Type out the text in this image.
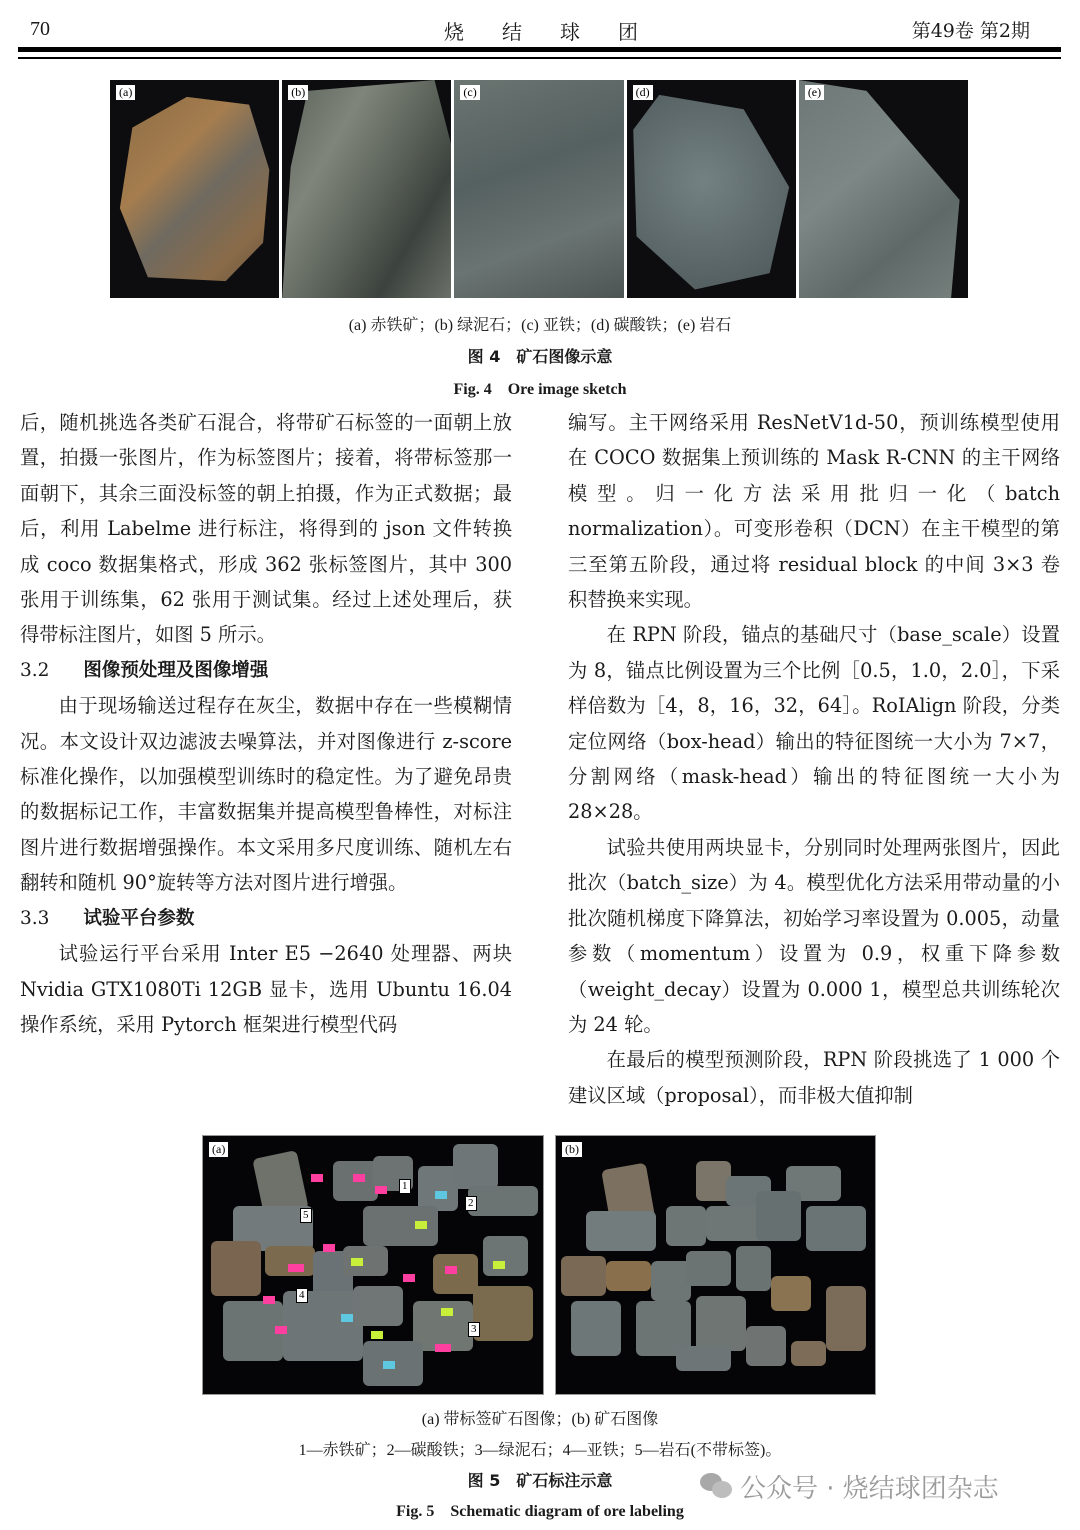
70	烧结球团	第49卷 第2期
(a)	(b)	(c)	(d)	(e)
(a) 赤铁矿；(b) 绿泥石；(c) 亚铁；(d) 碳酸铁；(e) 岩石
图 4　矿石图像示意
Fig. 4　Ore image sketch

后，随机挑选各类矿石混合，将带矿石标签的一面朝上放置，拍摄一张图片，作为标签图片；接着，将带标签那一面朝下，其余三面没标签的朝上拍摄，作为正式数据；最后，利用 Labelme 进行标注，将得到的 json 文件转换成 coco 数据集格式，形成 362 张标签图片，其中 300 张用于训练集，62 张用于测试集。经过上述处理后，获得带标注图片，如图 5 所示。

3.2 图像预处理及图像增强

由于现场输送过程存在灰尘，数据中存在一些模糊情况。本文设计双边滤波去噪算法，并对图像进行 z-score 标准化操作，以加强模型训练时的稳定性。为了避免昂贵的数据标记工作，丰富数据集并提高模型鲁棒性，对标注图片进行数据增强操作。本文采用多尺度训练、随机左右翻转和随机 90°旋转等方法对图片进行增强。

3.3 试验平台参数

试验运行平台采用 Inter E5 −2640 处理器、两块 Nvidia GTX1080Ti 12GB 显卡，选用 Ubuntu 16.04 操作系统，采用 Pytorch 框架进行模型代码

编写。主干网络采用 ResNetV1d-50，预训练模型使用在 COCO 数据集上预训练的 Mask R-CNN 的主干网络模型。归一化方法采用批归一化（batch normalization）。可变形卷积（DCN）在主干模型的第三至第五阶段，通过将 residual block 的中间 3×3 卷积替换来实现。

在 RPN 阶段，锚点的基础尺寸（base_scale）设置为 8，锚点比例设置为三个比例［0.5，1.0，2.0］，下采样倍数为［4，8，16，32，64］。RoIAlign 阶段，分类定位网络（box-head）输出的特征图统一大小为 7×7，分割网络（mask-head）输出的特征图统一大小为 28×28。

试验共使用两块显卡，分别同时处理两张图片，因此批次（batch_size）为 4。模型优化方法采用带动量的小批次随机梯度下降算法，初始学习率设置为 0.005，动量参数（momentum）设置为 0.9，权重下降参数（weight_decay）设置为 0.000 1，模型总共训练轮次为 24 轮。

在最后的模型预测阶段，RPN 阶段挑选了 1 000 个建议区域（proposal），而非极大值抑制

(a)
1
2
3
4
5
(b)
(a) 带标签矿石图像；(b) 矿石图像
1—赤铁矿；2—碳酸铁；3—绿泥石；4—亚铁；5—岩石(不带标签)。
图 5　矿石标注示意
Fig. 5　Schematic diagram of ore labeling
公众号 · 烧结球团杂志
